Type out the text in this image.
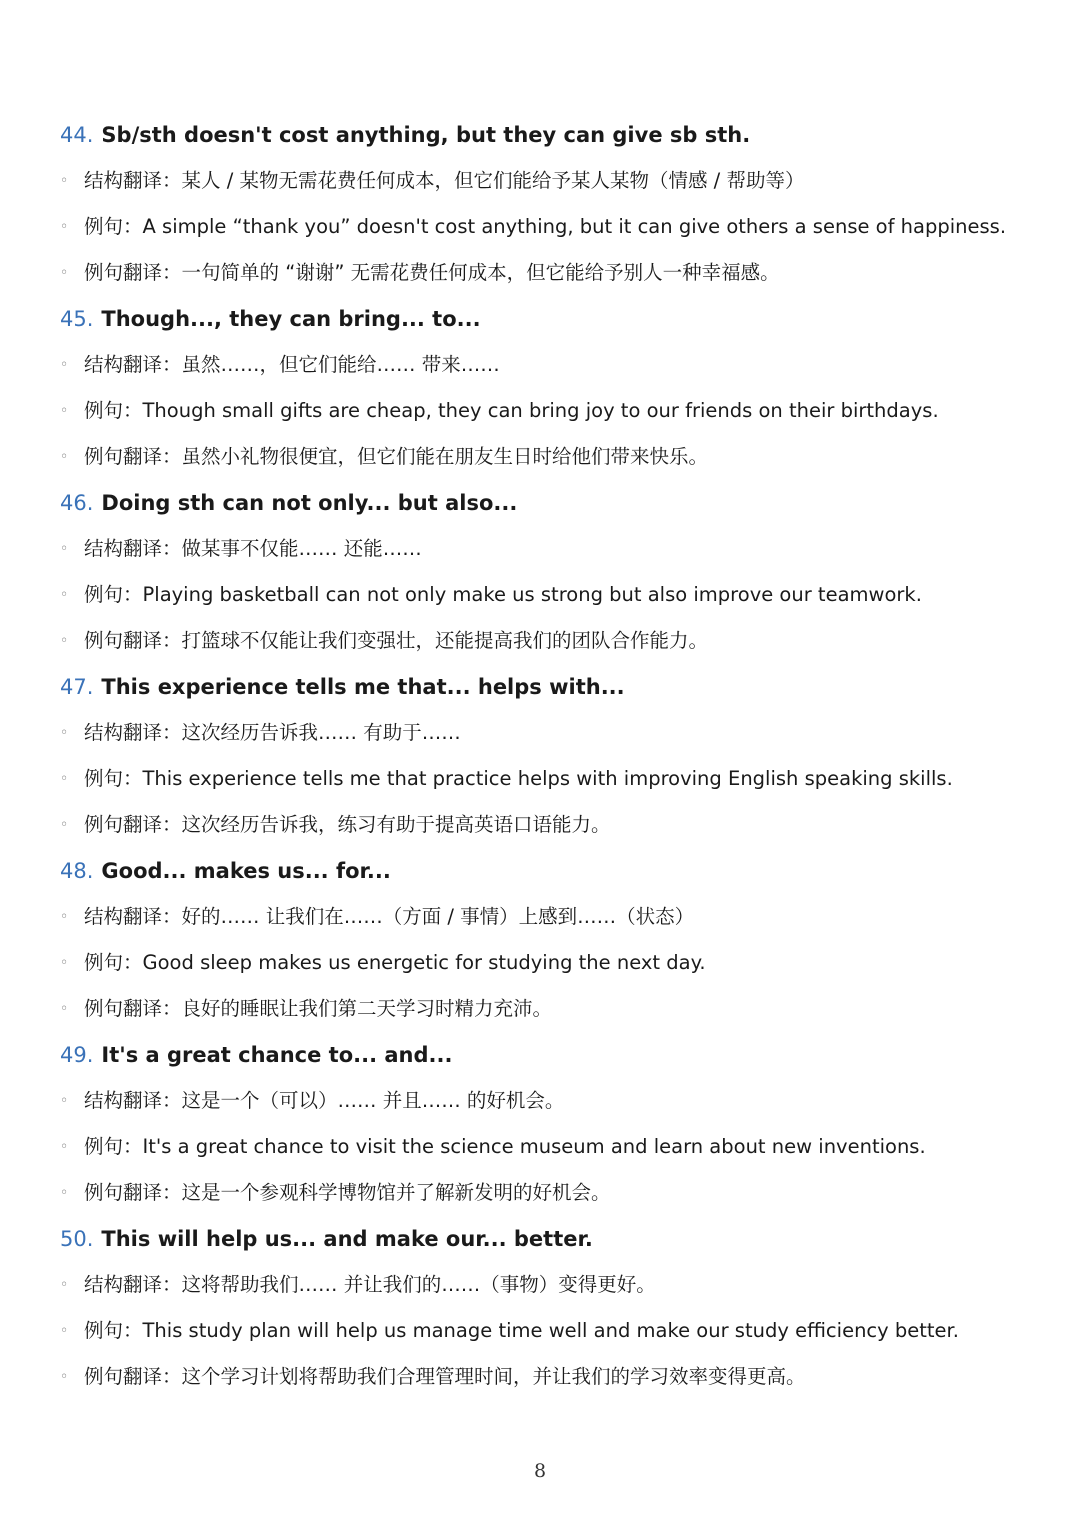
44. Sb/sth doesn't cost anything, but they can give sb sth.
◦ 结构翻译：某人 / 某物无需花费任何成本，但它们能给予某人某物（情感 / 帮助等）
◦ 例句：A simple “thank you” doesn't cost anything, but it can give others a sense of happiness.
◦ 例句翻译：一句简单的 “谢谢” 无需花费任何成本，但它能给予别人一种幸福感。
45. Though..., they can bring... to...
◦ 结构翻译：虽然……，但它们能给…… 带来……
◦ 例句：Though small gifts are cheap, they can bring joy to our friends on their birthdays.
◦ 例句翻译：虽然小礼物很便宜，但它们能在朋友生日时给他们带来快乐。
46. Doing sth can not only... but also...
◦ 结构翻译：做某事不仅能…… 还能……
◦ 例句：Playing basketball can not only make us strong but also improve our teamwork.
◦ 例句翻译：打篮球不仅能让我们变强壮，还能提高我们的团队合作能力。
47. This experience tells me that... helps with...
◦ 结构翻译：这次经历告诉我…… 有助于……
◦ 例句：This experience tells me that practice helps with improving English speaking skills.
◦ 例句翻译：这次经历告诉我，练习有助于提高英语口语能力。
48. Good... makes us... for...
◦ 结构翻译：好的…… 让我们在……（方面 / 事情）上感到……（状态）
◦ 例句：Good sleep makes us energetic for studying the next day.
◦ 例句翻译：良好的睡眠让我们第二天学习时精力充沛。
49. It's a great chance to... and...
◦ 结构翻译：这是一个（可以）…… 并且…… 的好机会。
◦ 例句：It's a great chance to visit the science museum and learn about new inventions.
◦ 例句翻译：这是一个参观科学博物馆并了解新发明的好机会。
50. This will help us... and make our... better.
◦ 结构翻译：这将帮助我们…… 并让我们的……（事物）变得更好。
◦ 例句：This study plan will help us manage time well and make our study efficiency better.
◦ 例句翻译：这个学习计划将帮助我们合理管理时间，并让我们的学习效率变得更高。
8
